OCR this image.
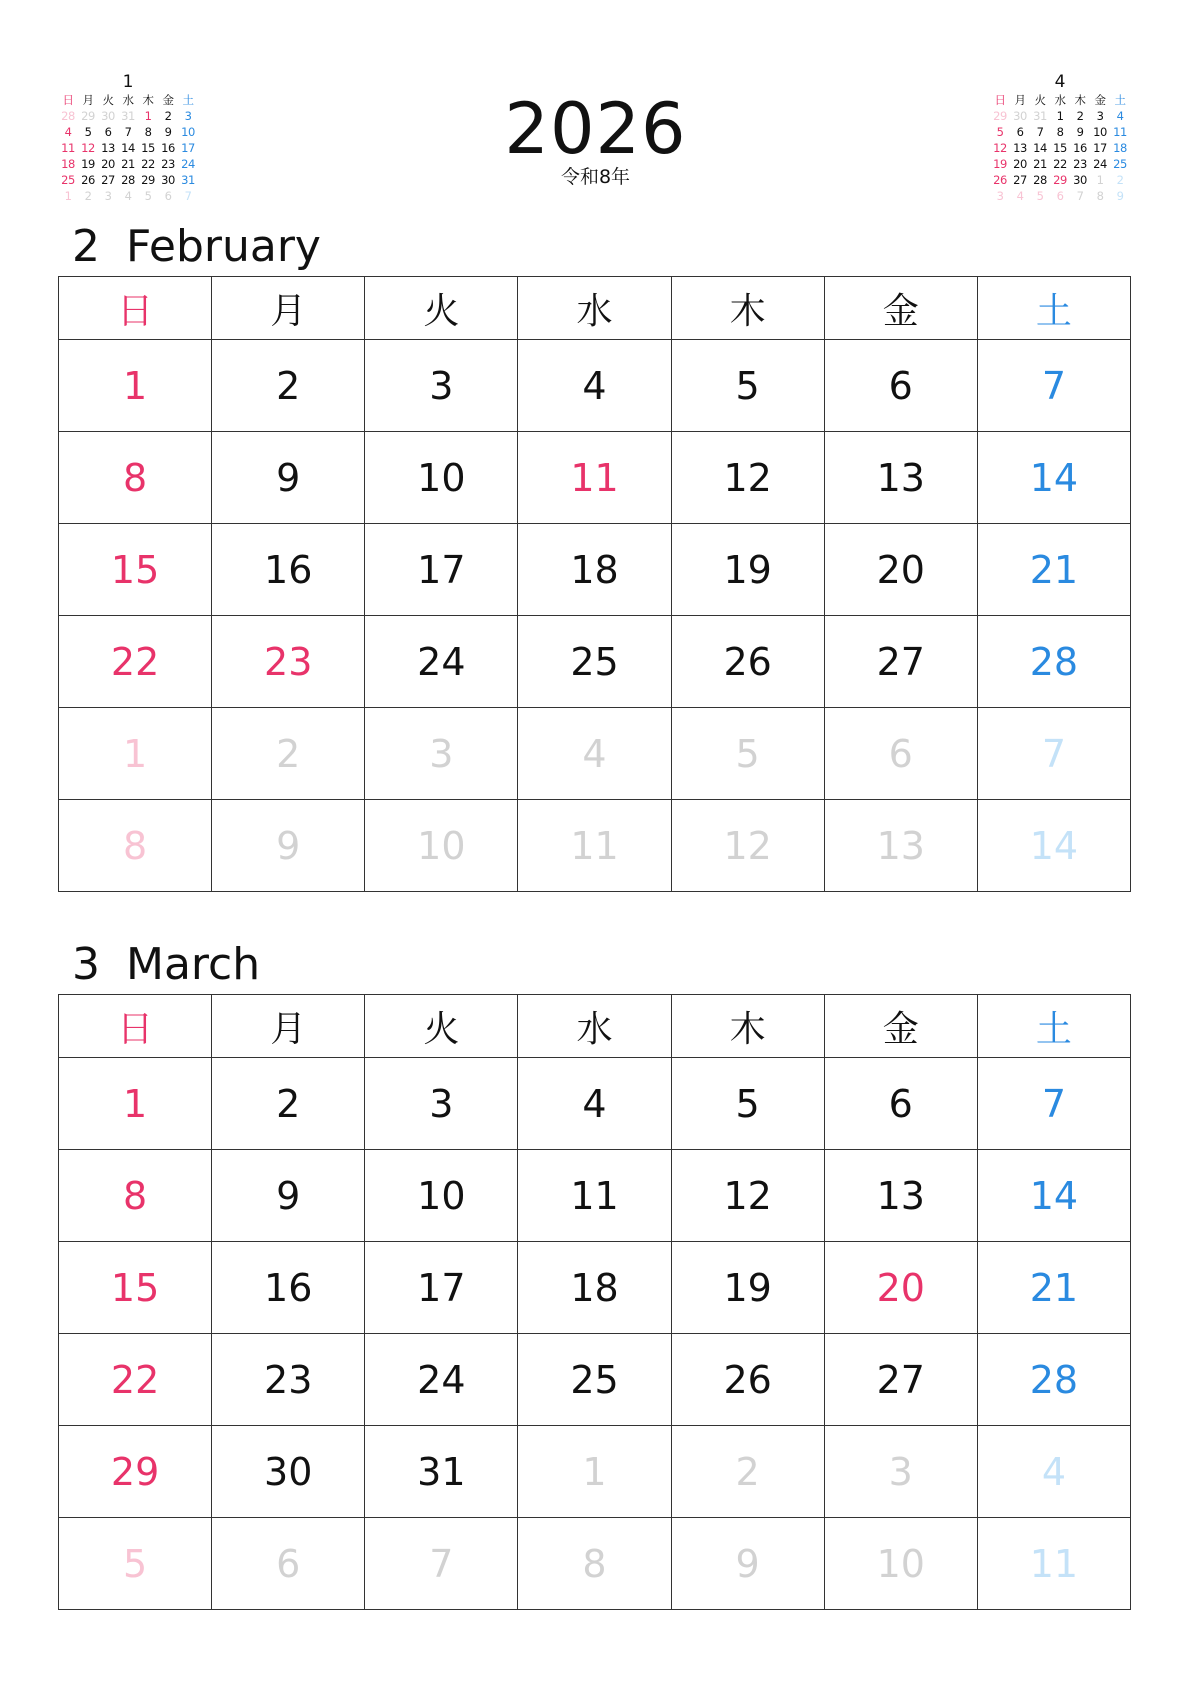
1
日	月	火	水	木	金	土
28	29	30	31	1	2	3
4	5	6	7	8	9	10
11	12	13	14	15	16	17
18	19	20	21	22	23	24
25	26	27	28	29	30	31
1	2	3	4	5	6	7
2026
令和8年
4
日	月	火	水	木	金	土
29	30	31	1	2	3	4
5	6	7	8	9	10	11
12	13	14	15	16	17	18
19	20	21	22	23	24	25
26	27	28	29	30	1	2
3	4	5	6	7	8	9
2 February
日	月	火	水	木	金	土
1	2	3	4	5	6	7
8	9	10	11	12	13	14
15	16	17	18	19	20	21
22	23	24	25	26	27	28
1	2	3	4	5	6	7
8	9	10	11	12	13	14
3 March
日	月	火	水	木	金	土
1	2	3	4	5	6	7
8	9	10	11	12	13	14
15	16	17	18	19	20	21
22	23	24	25	26	27	28
29	30	31	1	2	3	4
5	6	7	8	9	10	11
